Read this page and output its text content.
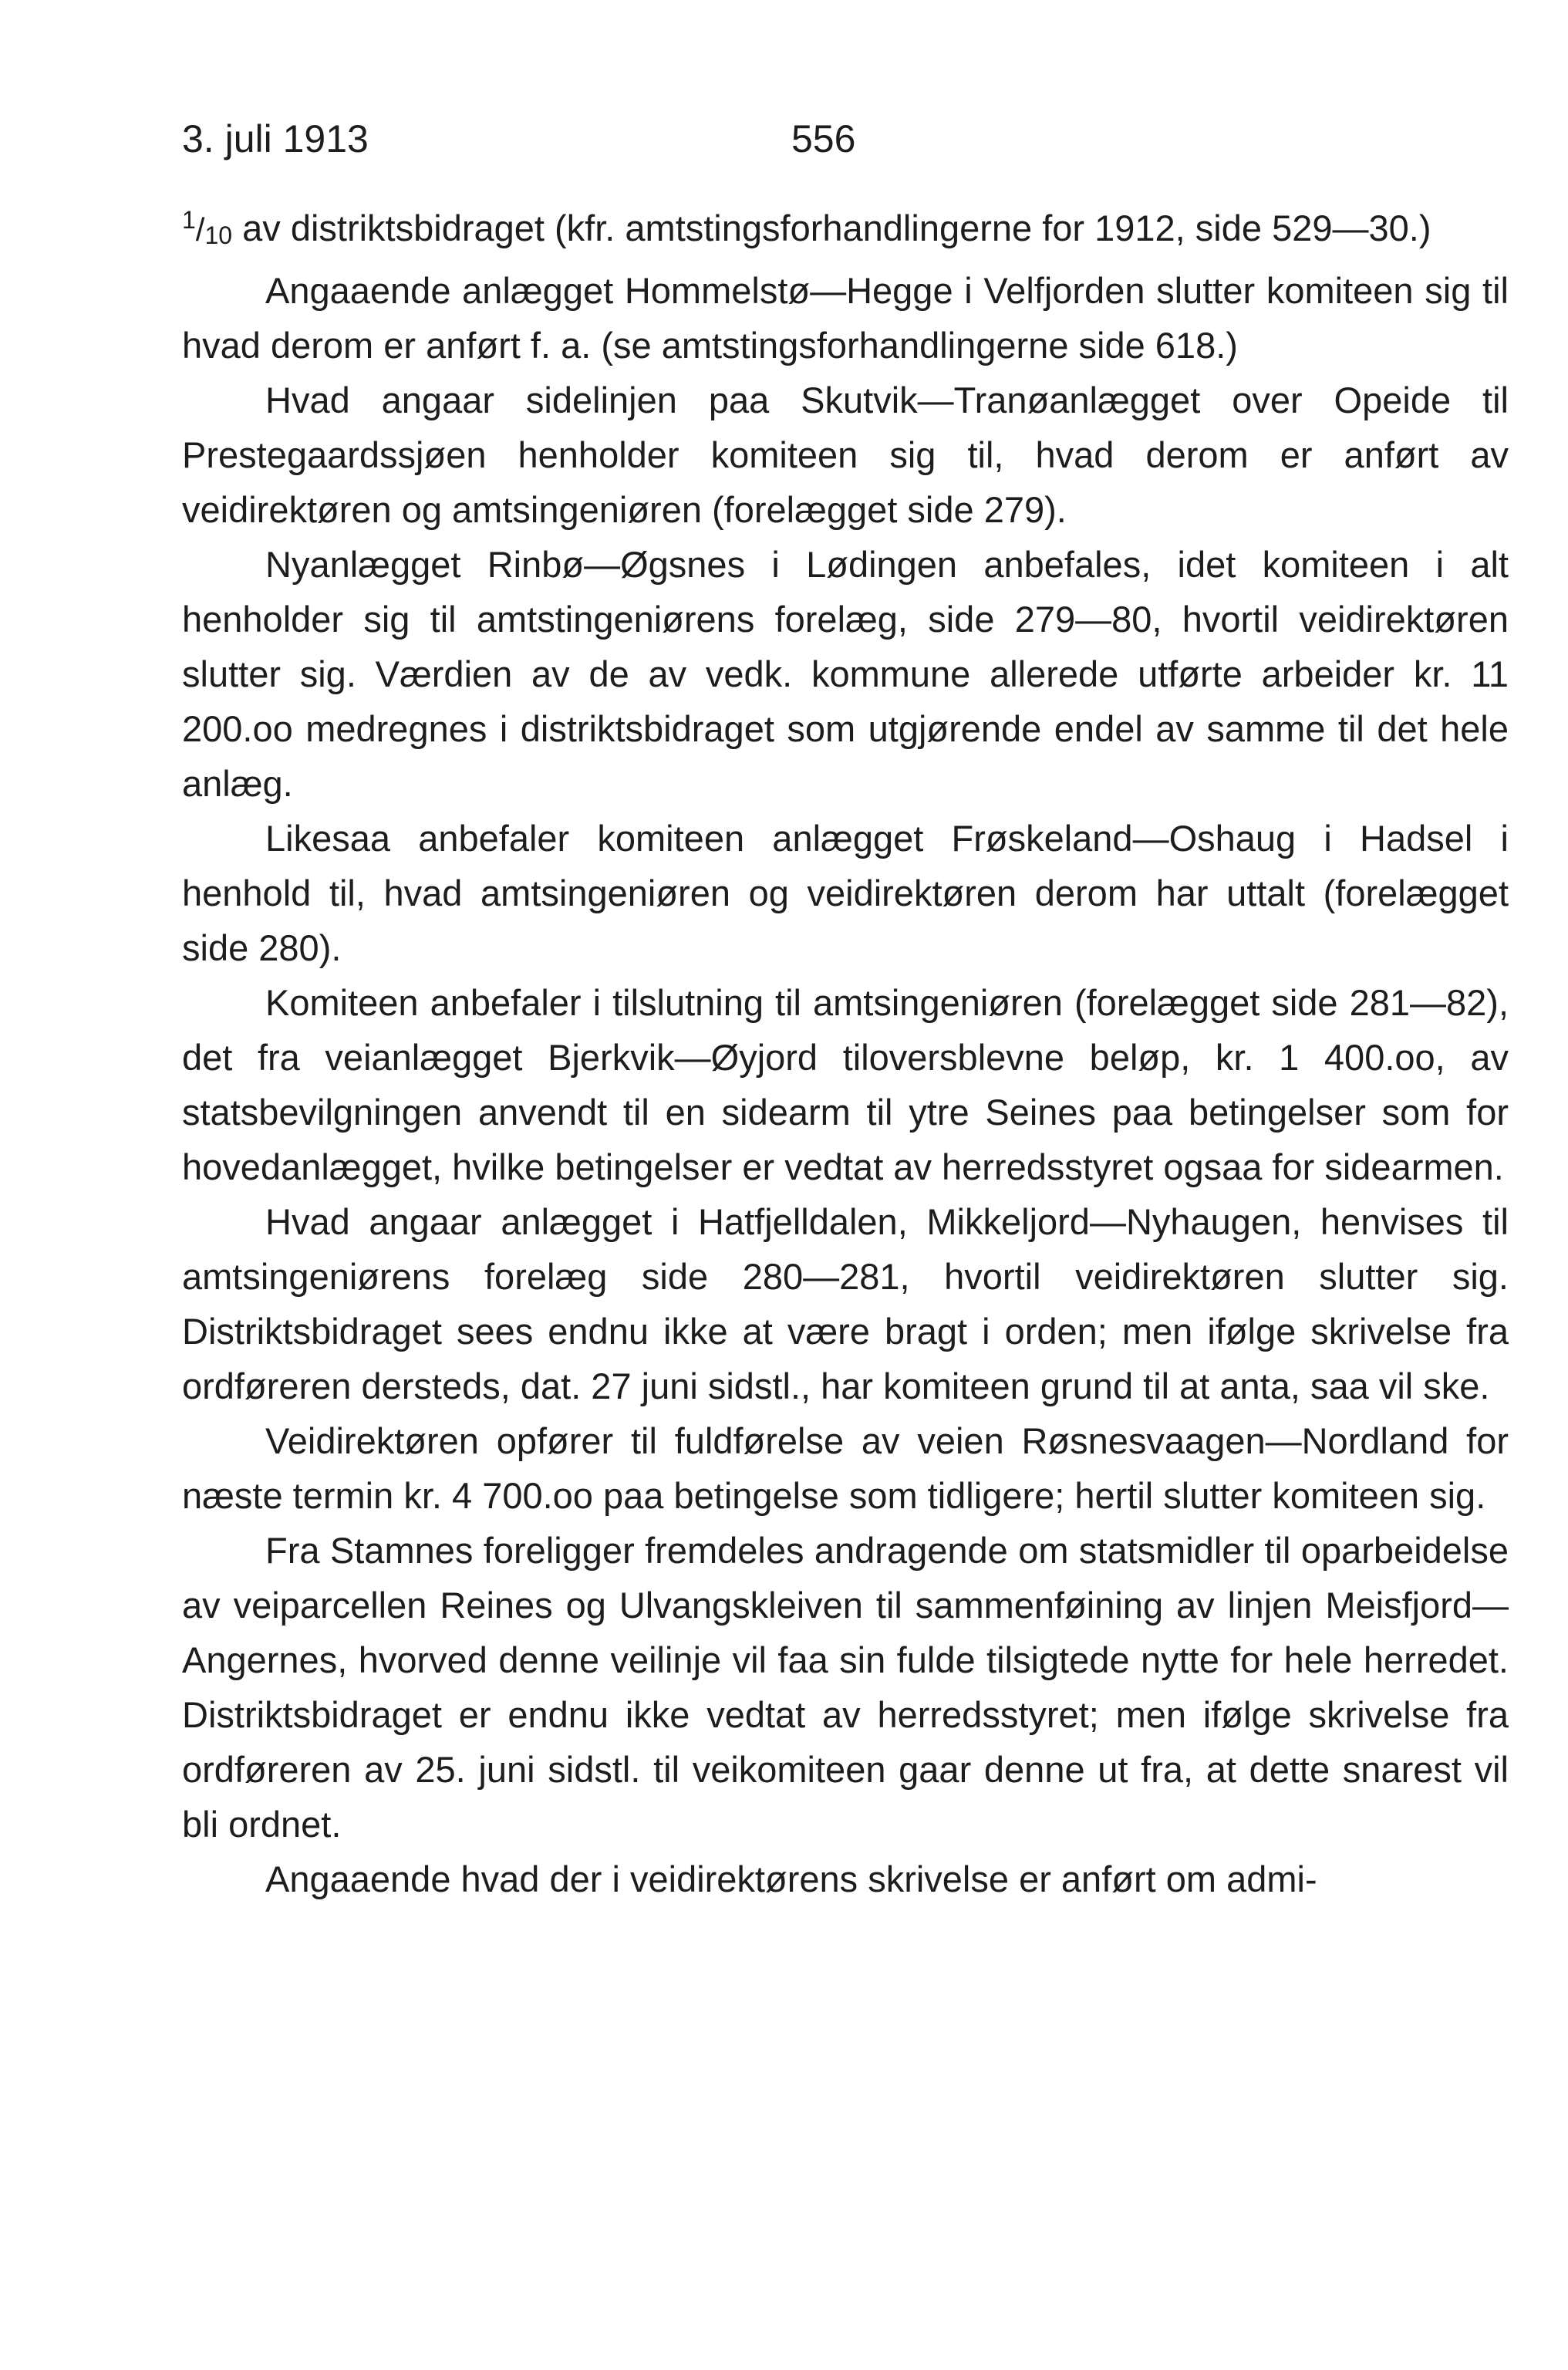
3. juli 1913	556

$^1/_{10}$ av distriktsbidraget (kfr. amtstingsforhandlingerne for 1912, side 529—30.)

Angaaende anlægget Hommelstø—Hegge i Velfjorden slutter komiteen sig til hvad derom er anført f. a. (se amtstingsforhandlingerne side 618.)

Hvad angaar sidelinjen paa Skutvik—Tranøanlægget over Opeide til Prestegaardssjøen henholder komiteen sig til, hvad derom er anført av veidirektøren og amtsingeniøren (forelægget side 279).

Nyanlægget Rinbø—Øgsnes i Lødingen anbefales, idet komiteen i alt henholder sig til amtstingeniørens forelæg, side 279—80, hvortil veidirektøren slutter sig. Værdien av de av vedk. kommune allerede utførte arbeider kr. 11 200.oo medregnes i distriktsbidraget som utgjørende endel av samme til det hele anlæg.

Likesaa anbefaler komiteen anlægget Frøskeland—Oshaug i Hadsel i henhold til, hvad amtsingeniøren og veidirektøren derom har uttalt (forelægget side 280).

Komiteen anbefaler i tilslutning til amtsingeniøren (forelægget side 281—82), det fra veianlægget Bjerkvik—Øyjord tiloversblevne beløp, kr. 1 400.oo, av statsbevilgningen anvendt til en sidearm til ytre Seines paa betingelser som for hovedanlægget, hvilke betingelser er vedtat av herredsstyret ogsaa for sidearmen.

Hvad angaar anlægget i Hatfjelldalen, Mikkeljord—Nyhaugen, henvises til amtsingeniørens forelæg side 280—281, hvortil veidirektøren slutter sig. Distriktsbidraget sees endnu ikke at være bragt i orden; men ifølge skrivelse fra ordføreren dersteds, dat. 27 juni sidstl., har komiteen grund til at anta, saa vil ske.

Veidirektøren opfører til fuldførelse av veien Røsnesvaagen—Nordland for næste termin kr. 4 700.oo paa betingelse som tidligere; hertil slutter komiteen sig.

Fra Stamnes foreligger fremdeles andragende om statsmidler til oparbeidelse av veiparcellen Reines og Ulvangskleiven til sammenføining av linjen Meisfjord—Angernes, hvorved denne veilinje vil faa sin fulde tilsigtede nytte for hele herredet. Distriktsbidraget er endnu ikke vedtat av herredsstyret; men ifølge skrivelse fra ordføreren av 25. juni sidstl. til veikomiteen gaar denne ut fra, at dette snarest vil bli ordnet.

Angaaende hvad der i veidirektørens skrivelse er anført om admi-
